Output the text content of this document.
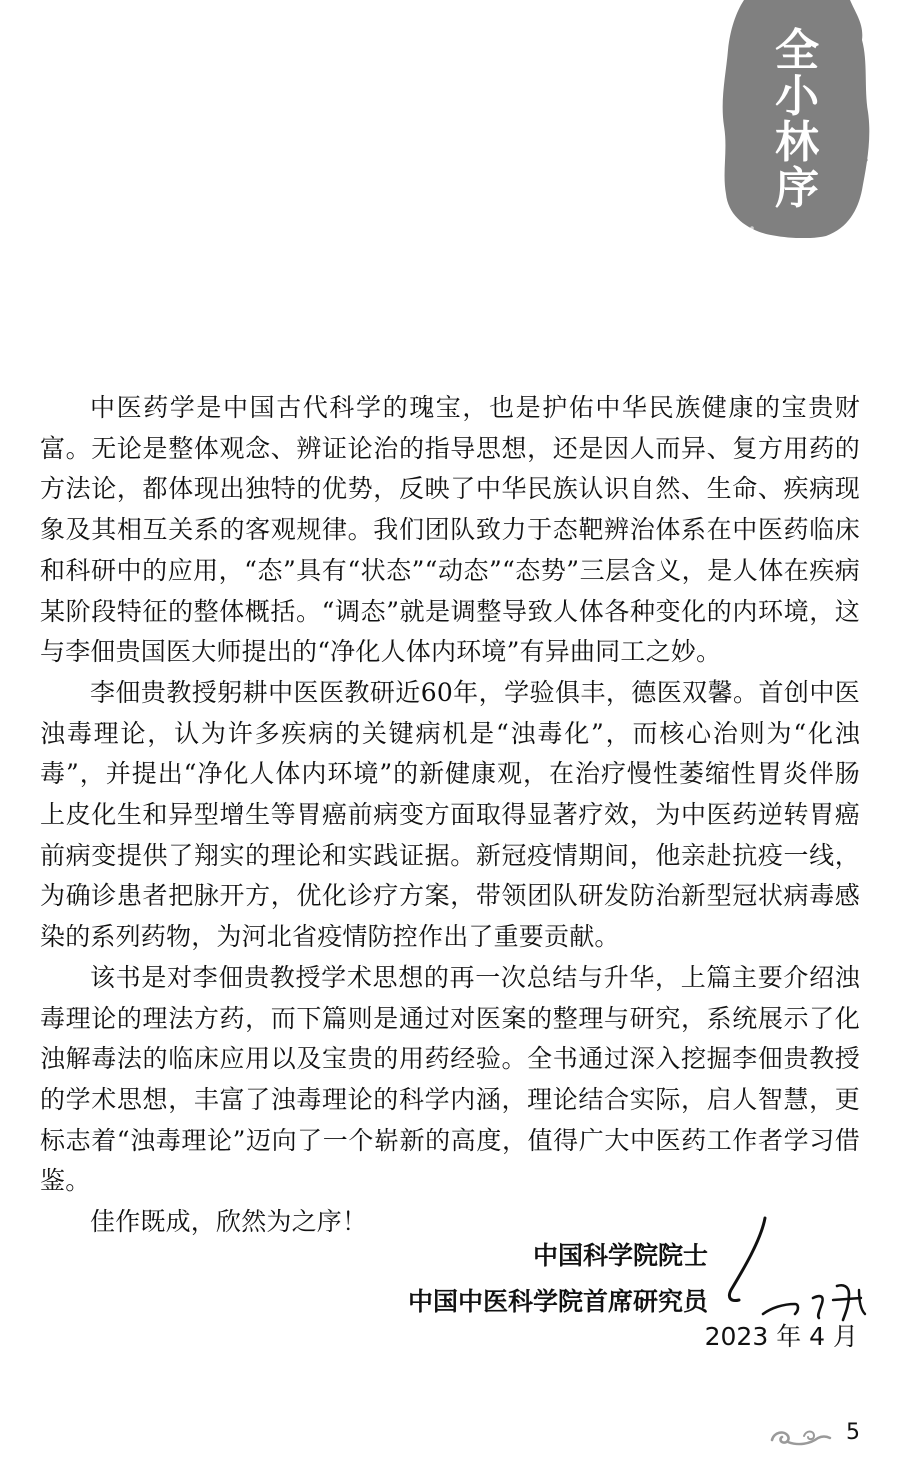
全
小
林
序

中医药学是中国古代科学的瑰宝，也是护佑中华民族健康的宝贵财富。无论是整体观念、辨证论治的指导思想，还是因人而异、复方用药的方法论，都体现出独特的优势，反映了中华民族认识自然、生命、疾病现象及其相互关系的客观规律。我们团队致力于态靶辨治体系在中医药临床和科研中的应用，“态”具有“状态”“动态”“态势”三层含义，是人体在疾病某阶段特征的整体概括。“调态”就是调整导致人体各种变化的内环境，这与李佃贵国医大师提出的“净化人体内环境”有异曲同工之妙。

李佃贵教授躬耕中医医教研近60年，学验俱丰，德医双馨。首创中医浊毒理论，认为许多疾病的关键病机是“浊毒化”，而核心治则为“化浊毒”，并提出“净化人体内环境”的新健康观，在治疗慢性萎缩性胃炎伴肠上皮化生和异型增生等胃癌前病变方面取得显著疗效，为中医药逆转胃癌前病变提供了翔实的理论和实践证据。新冠疫情期间，他亲赴抗疫一线，为确诊患者把脉开方，优化诊疗方案，带领团队研发防治新型冠状病毒感染的系列药物，为河北省疫情防控作出了重要贡献。

该书是对李佃贵教授学术思想的再一次总结与升华，上篇主要介绍浊毒理论的理法方药，而下篇则是通过对医案的整理与研究，系统展示了化浊解毒法的临床应用以及宝贵的用药经验。全书通过深入挖掘李佃贵教授的学术思想，丰富了浊毒理论的科学内涵，理论结合实际，启人智慧，更标志着“浊毒理论”迈向了一个崭新的高度，值得广大中医药工作者学习借鉴。

佳作既成，欣然为之序！

中国科学院院士
中国中医科学院首席研究员
2023 年 4 月
5
